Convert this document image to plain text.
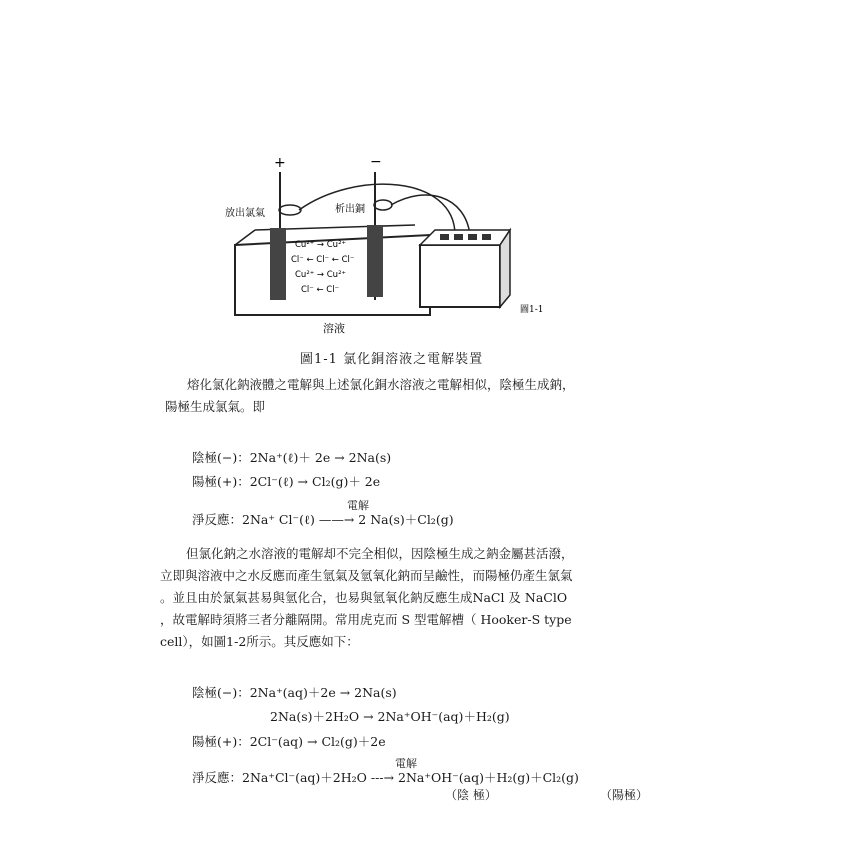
+	−
放出氯氣	析出銅
Cu²⁺ → Cu²⁺
Cl⁻ ← Cl⁻ ← Cl⁻
Cu²⁺ → Cu²⁺
Cl⁻ ← Cl⁻
溶液
圖1-1
圖1-1 氯化銅溶液之電解裝置
熔化氯化鈉液體之電解與上述氯化銅水溶液之電解相似，陰極生成鈉，
陽極生成氯氣。即
陰極(−)：2Na⁺(ℓ)＋ 2e → 2Na(s)
陽極(+)：2Cl⁻(ℓ) → Cl₂(g)＋ 2e
淨反應：2Na⁺ Cl⁻(ℓ) ——→ 2 Na(s)＋Cl₂(g)
電解
但氯化鈉之水溶液的電解却不完全相似，因陰極生成之鈉金屬甚活潑，
立即與溶液中之水反應而產生氫氣及氫氧化鈉而呈鹼性，而陽極仍產生氯氣
。並且由於氯氣甚易與氫化合，也易與氫氧化鈉反應生成NaCl 及 NaClO
，故電解時須將三者分離隔開。常用虎克而 S 型電解槽（ Hooker-S type
cell），如圖1-2所示。其反應如下：
陰極(−)：2Na⁺(aq)＋2e → 2Na(s)
2Na(s)＋2H₂O → 2Na⁺OH⁻(aq)＋H₂(g)
陽極(+)：2Cl⁻(aq) → Cl₂(g)＋2e
淨反應：2Na⁺Cl⁻(aq)＋2H₂O ---→ 2Na⁺OH⁻(aq)＋H₂(g)＋Cl₂(g)
電解
（陰 極）	（陽極）
